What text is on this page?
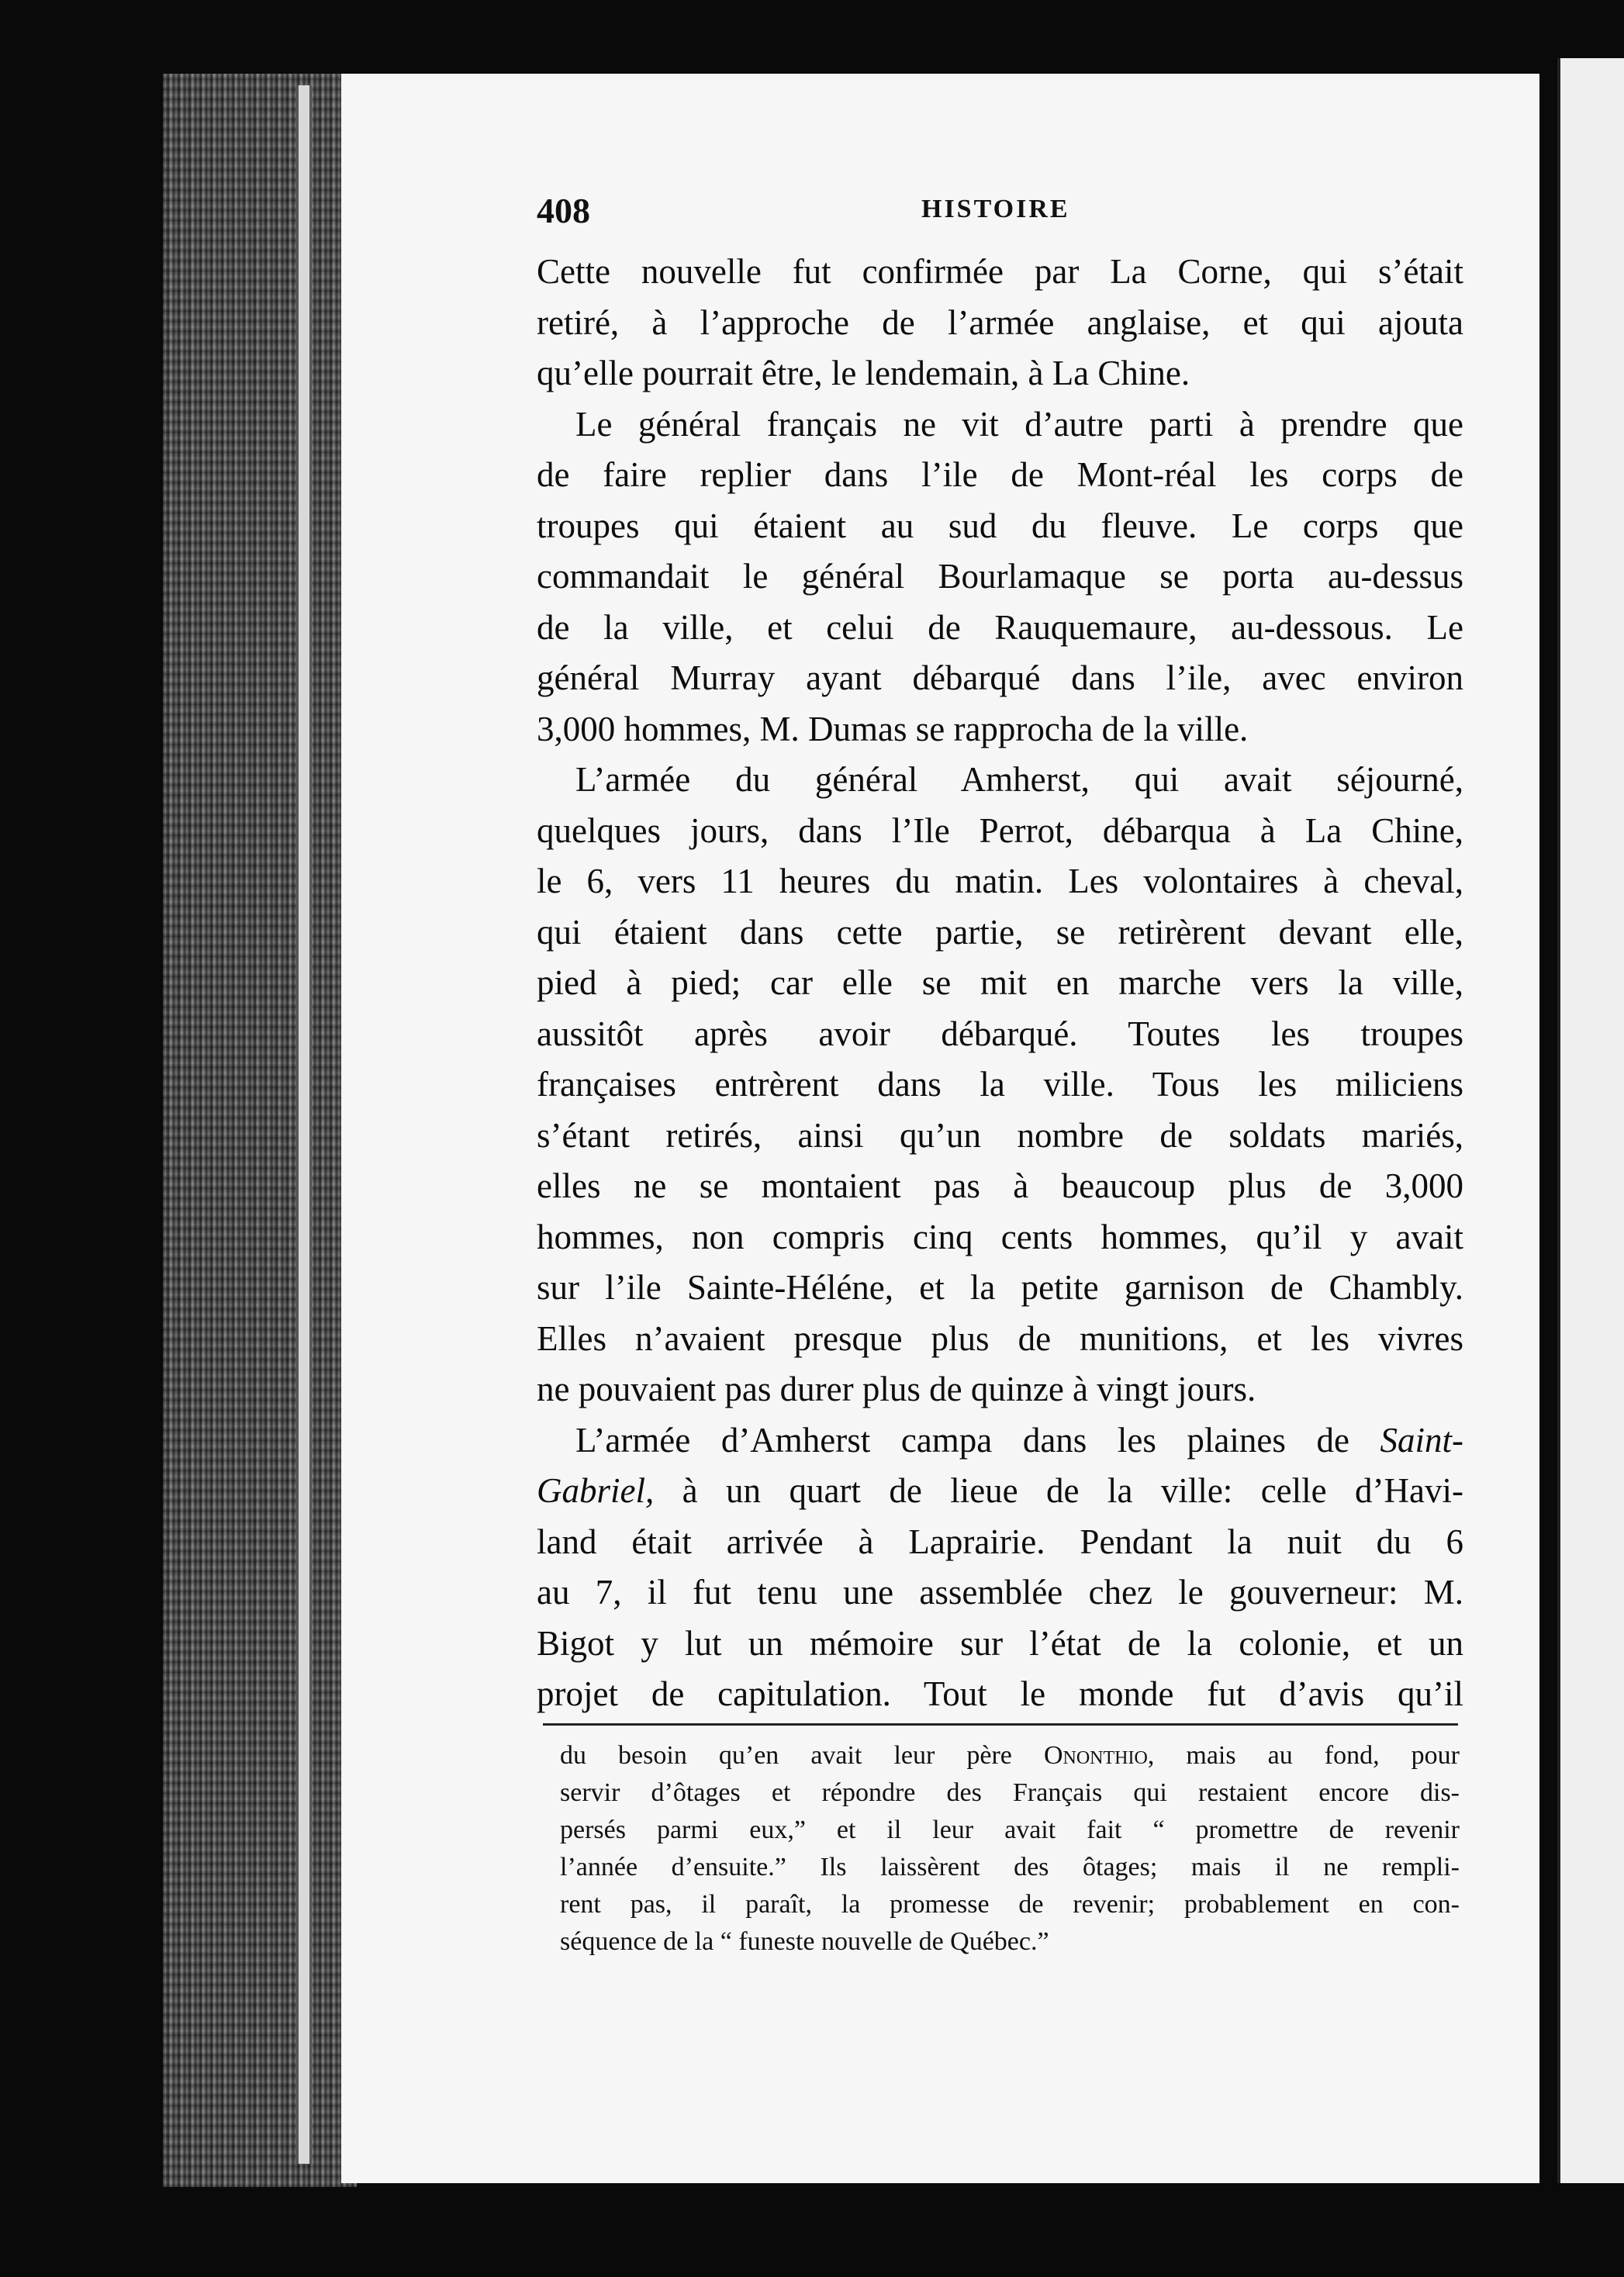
408	HISTOIRE
Cette nouvelle fut confirmée par La Corne, qui s’était
retiré, à l’approche de l’armée anglaise, et qui ajouta
qu’elle pourrait être, le lendemain, à La Chine.
Le général français ne vit d’autre parti à prendre que
de faire replier dans l’ile de Mont-réal les corps de
troupes qui étaient au sud du fleuve. Le corps que
commandait le général Bourlamaque se porta au-dessus
de la ville, et celui de Rauquemaure, au-dessous. Le
général Murray ayant débarqué dans l’ile, avec environ
3,000 hommes, M. Dumas se rapprocha de la ville.
L’armée du général Amherst, qui avait séjourné,
quelques jours, dans l’Ile Perrot, débarqua à La Chine,
le 6, vers 11 heures du matin. Les volontaires à cheval,
qui étaient dans cette partie, se retirèrent devant elle,
pied à pied; car elle se mit en marche vers la ville,
aussitôt après avoir débarqué. Toutes les troupes
françaises entrèrent dans la ville. Tous les miliciens
s’étant retirés, ainsi qu’un nombre de soldats mariés,
elles ne se montaient pas à beaucoup plus de 3,000
hommes, non compris cinq cents hommes, qu’il y avait
sur l’ile Sainte-Héléne, et la petite garnison de Chambly.
Elles n’avaient presque plus de munitions, et les vivres
ne pouvaient pas durer plus de quinze à vingt jours.
L’armée d’Amherst campa dans les plaines de Saint-
Gabriel, à un quart de lieue de la ville: celle d’Havi-
land était arrivée à Laprairie. Pendant la nuit du 6
au 7, il fut tenu une assemblée chez le gouverneur: M.
Bigot y lut un mémoire sur l’état de la colonie, et un
projet de capitulation. Tout le monde fut d’avis qu’il
du besoin qu’en avait leur père Ononthio, mais au fond, pour
servir d’ôtages et répondre des Français qui restaient encore dis-
persés parmi eux,” et il leur avait fait “ promettre de revenir
l’année d’ensuite.” Ils laissèrent des ôtages; mais il ne rempli-
rent pas, il paraît, la promesse de revenir; probablement en con-
séquence de la “ funeste nouvelle de Québec.”
